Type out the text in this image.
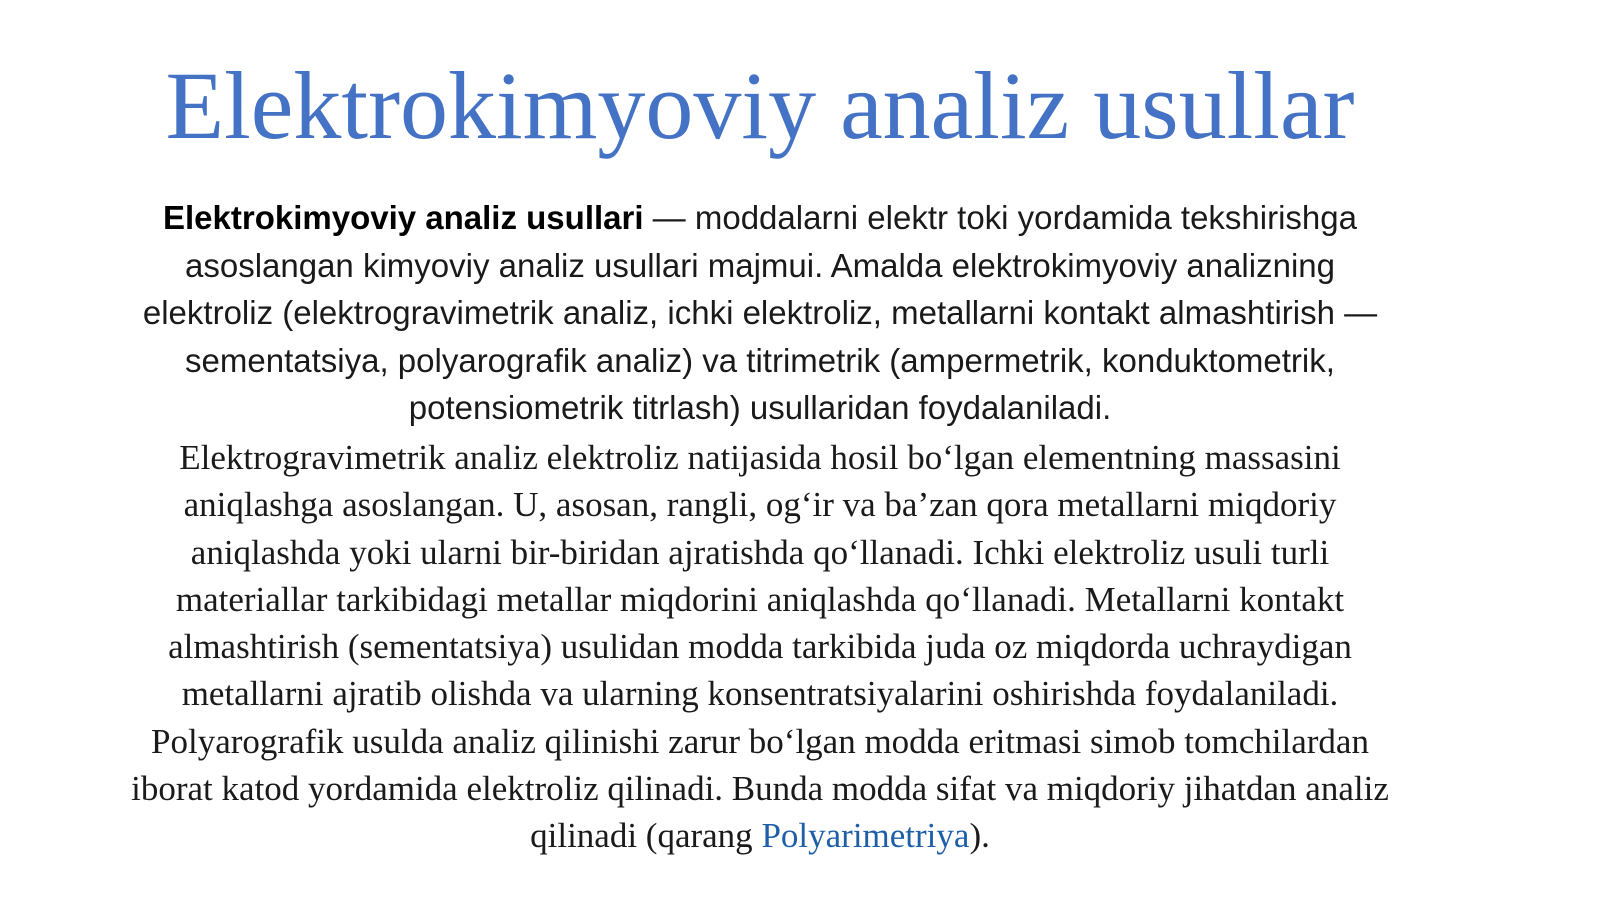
Elektrokimyoviy analiz usullar

Elektrokimyoviy analiz usullari — moddalarni elektr toki yordamida tekshirishga
asoslangan kimyoviy analiz usullari majmui. Amalda elektrokimyoviy analizning
elektroliz (elektrogravimetrik analiz, ichki elektroliz, metallarni kontakt almashtirish —
sementatsiya, polyarografik analiz) va titrimetrik (ampermetrik, konduktometrik,
potensiometrik titrlash) usullaridan foydalaniladi.

Elektrogravimetrik analiz elektroliz natijasida hosil bo‘lgan elementning massasini
aniqlashga asoslangan. U, asosan, rangli, og‘ir va ba’zan qora metallarni miqdoriy
aniqlashda yoki ularni bir-biridan ajratishda qo‘llanadi. Ichki elektroliz usuli turli
materiallar tarkibidagi metallar miqdorini aniqlashda qo‘llanadi. Metallarni kontakt
almashtirish (sementatsiya) usulidan modda tarkibida juda oz miqdorda uchraydigan
metallarni ajratib olishda va ularning konsentratsiyalarini oshirishda foydalaniladi.
Polyarografik usulda analiz qilinishi zarur bo‘lgan modda eritmasi simob tomchilardan
iborat katod yordamida elektroliz qilinadi. Bunda modda sifat va miqdoriy jihatdan analiz
qilinadi (qarang Polyarimetriya).
